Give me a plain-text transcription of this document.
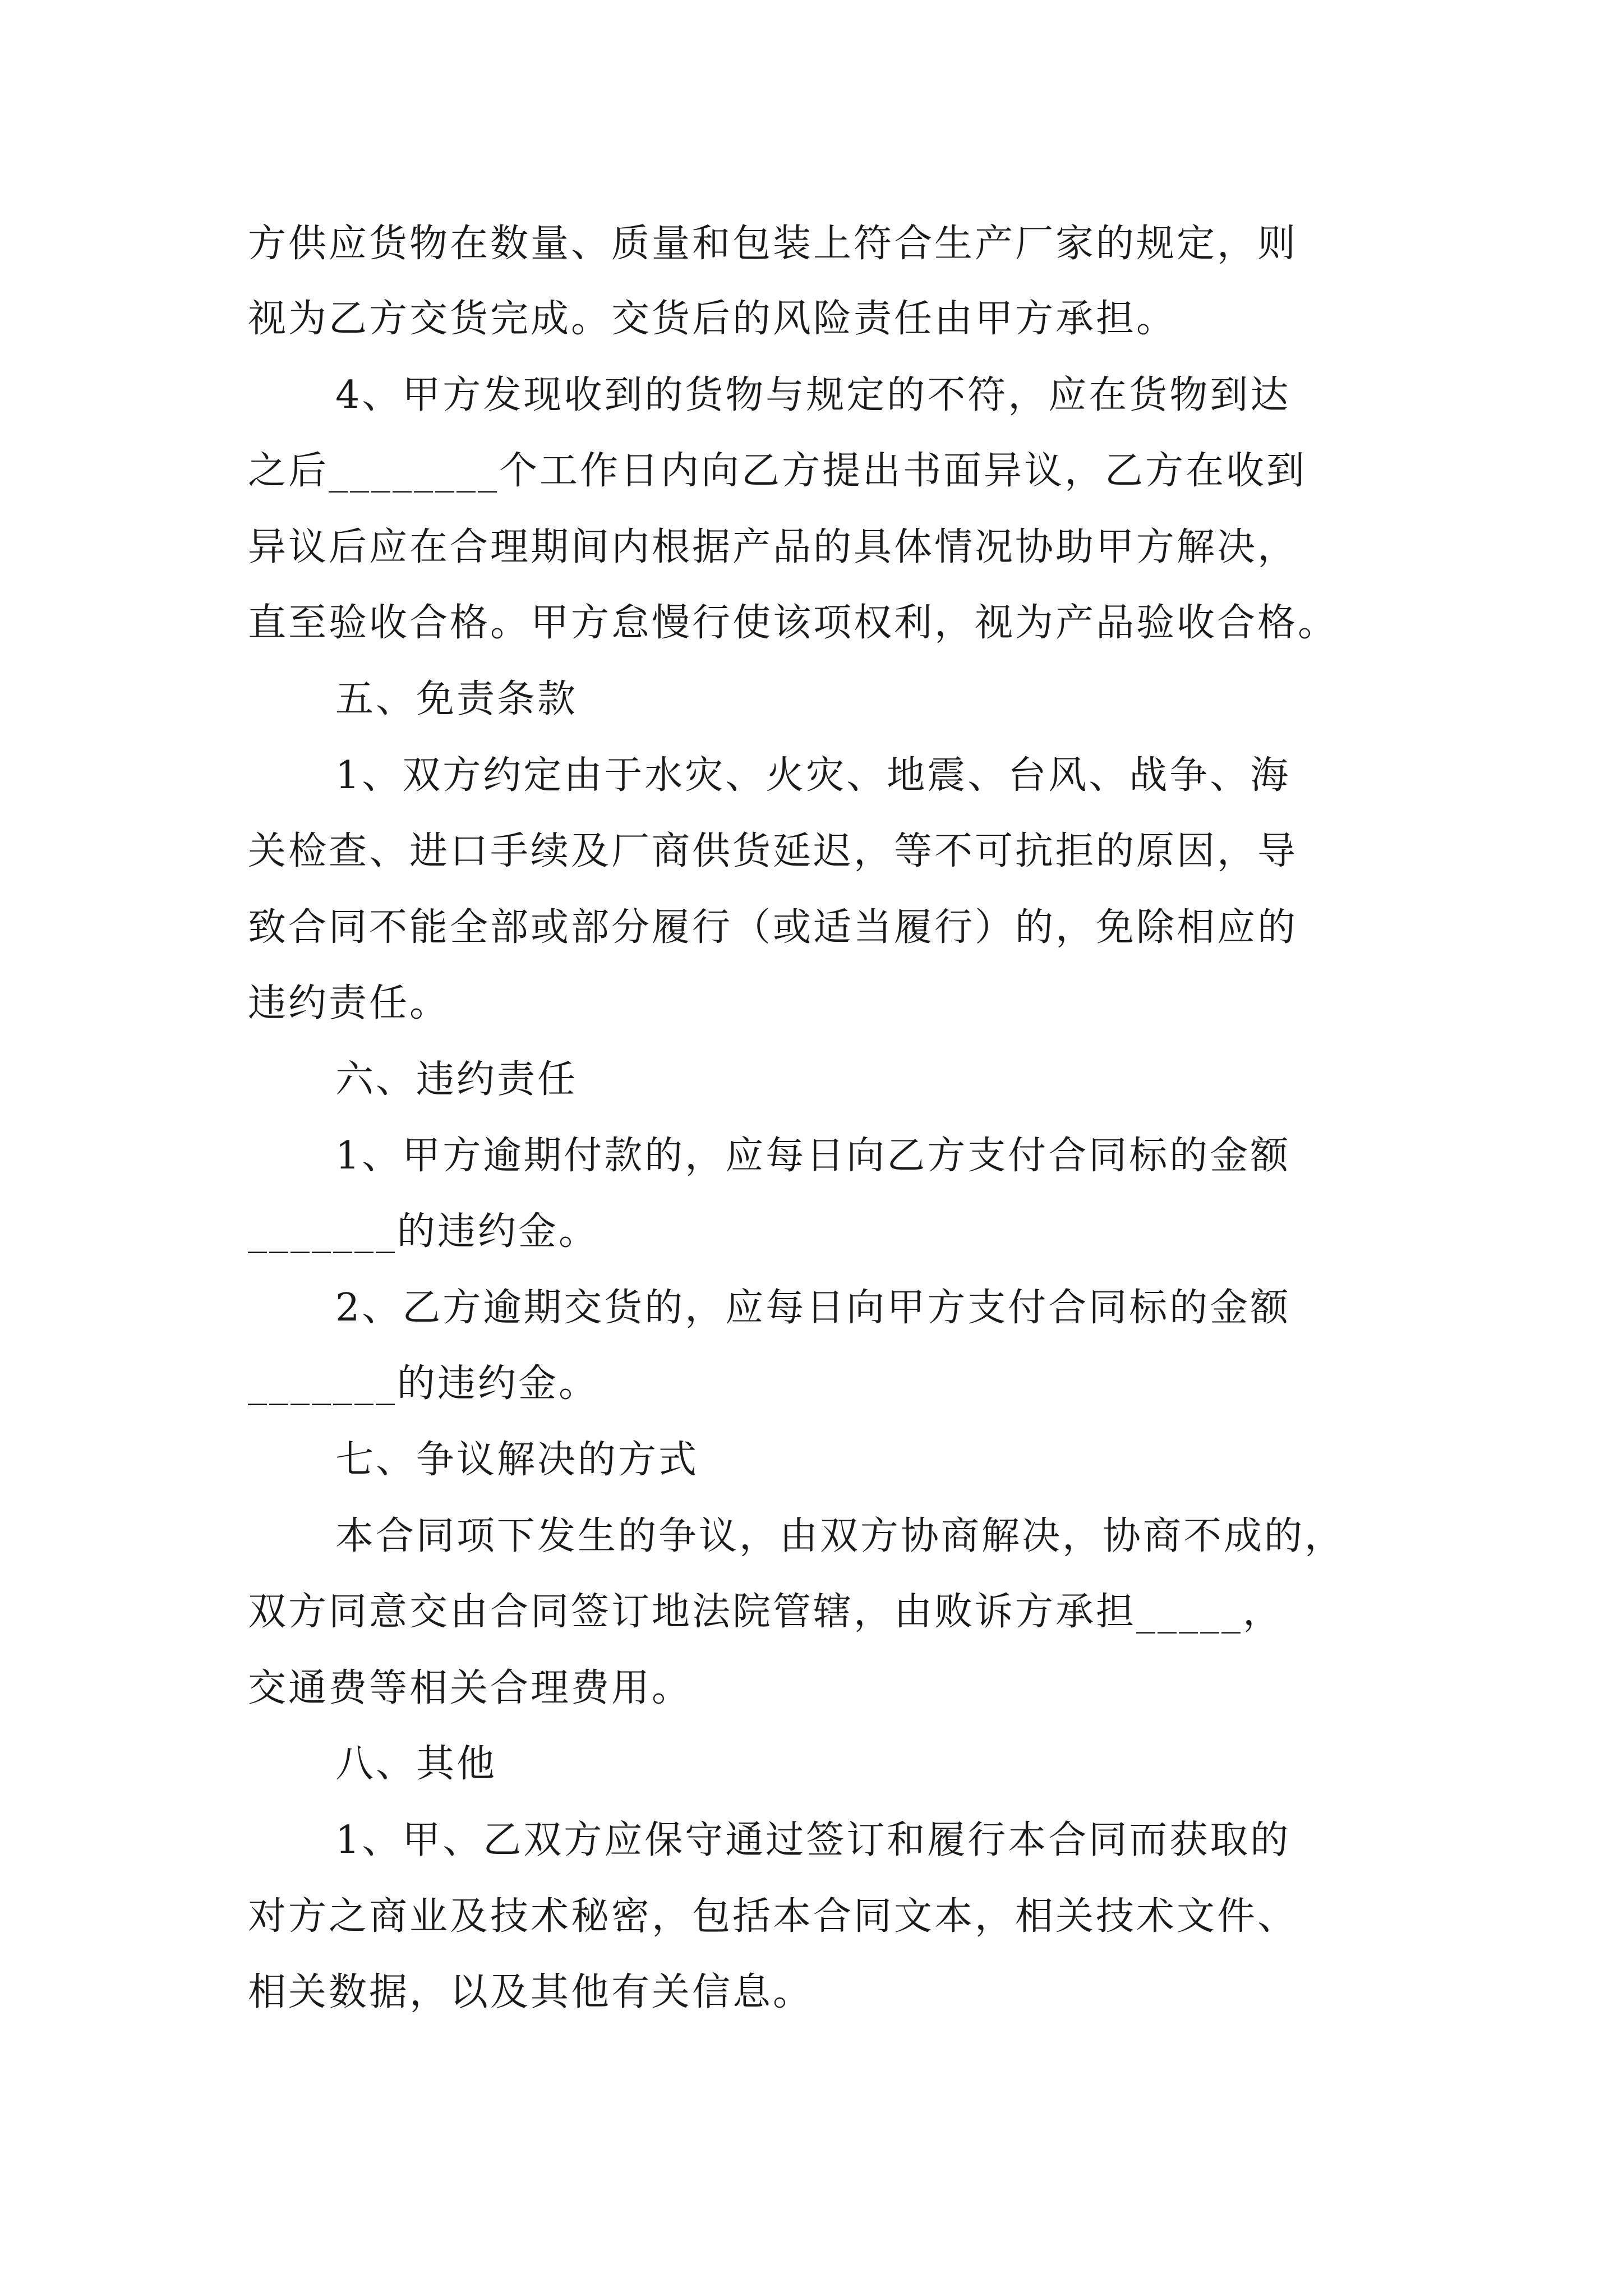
方供应货物在数量、质量和包装上符合生产厂家的规定，则
视为乙方交货完成。交货后的风险责任由甲方承担。
4、甲方发现收到的货物与规定的不符，应在货物到达
之后________个工作日内向乙方提出书面异议，乙方在收到
异议后应在合理期间内根据产品的具体情况协助甲方解决，
直至验收合格。甲方怠慢行使该项权利，视为产品验收合格。
五、免责条款
1、双方约定由于水灾、火灾、地震、台风、战争、海
关检查、进口手续及厂商供货延迟，等不可抗拒的原因，导
致合同不能全部或部分履行（或适当履行）的，免除相应的
违约责任。
六、违约责任
1、甲方逾期付款的，应每日向乙方支付合同标的金额
_______的违约金。
2、乙方逾期交货的，应每日向甲方支付合同标的金额
_______的违约金。
七、争议解决的方式
本合同项下发生的争议，由双方协商解决，协商不成的，
双方同意交由合同签订地法院管辖，由败诉方承担_____，
交通费等相关合理费用。
八、其他
1、甲、乙双方应保守通过签订和履行本合同而获取的
对方之商业及技术秘密，包括本合同文本，相关技术文件、
相关数据，以及其他有关信息。
